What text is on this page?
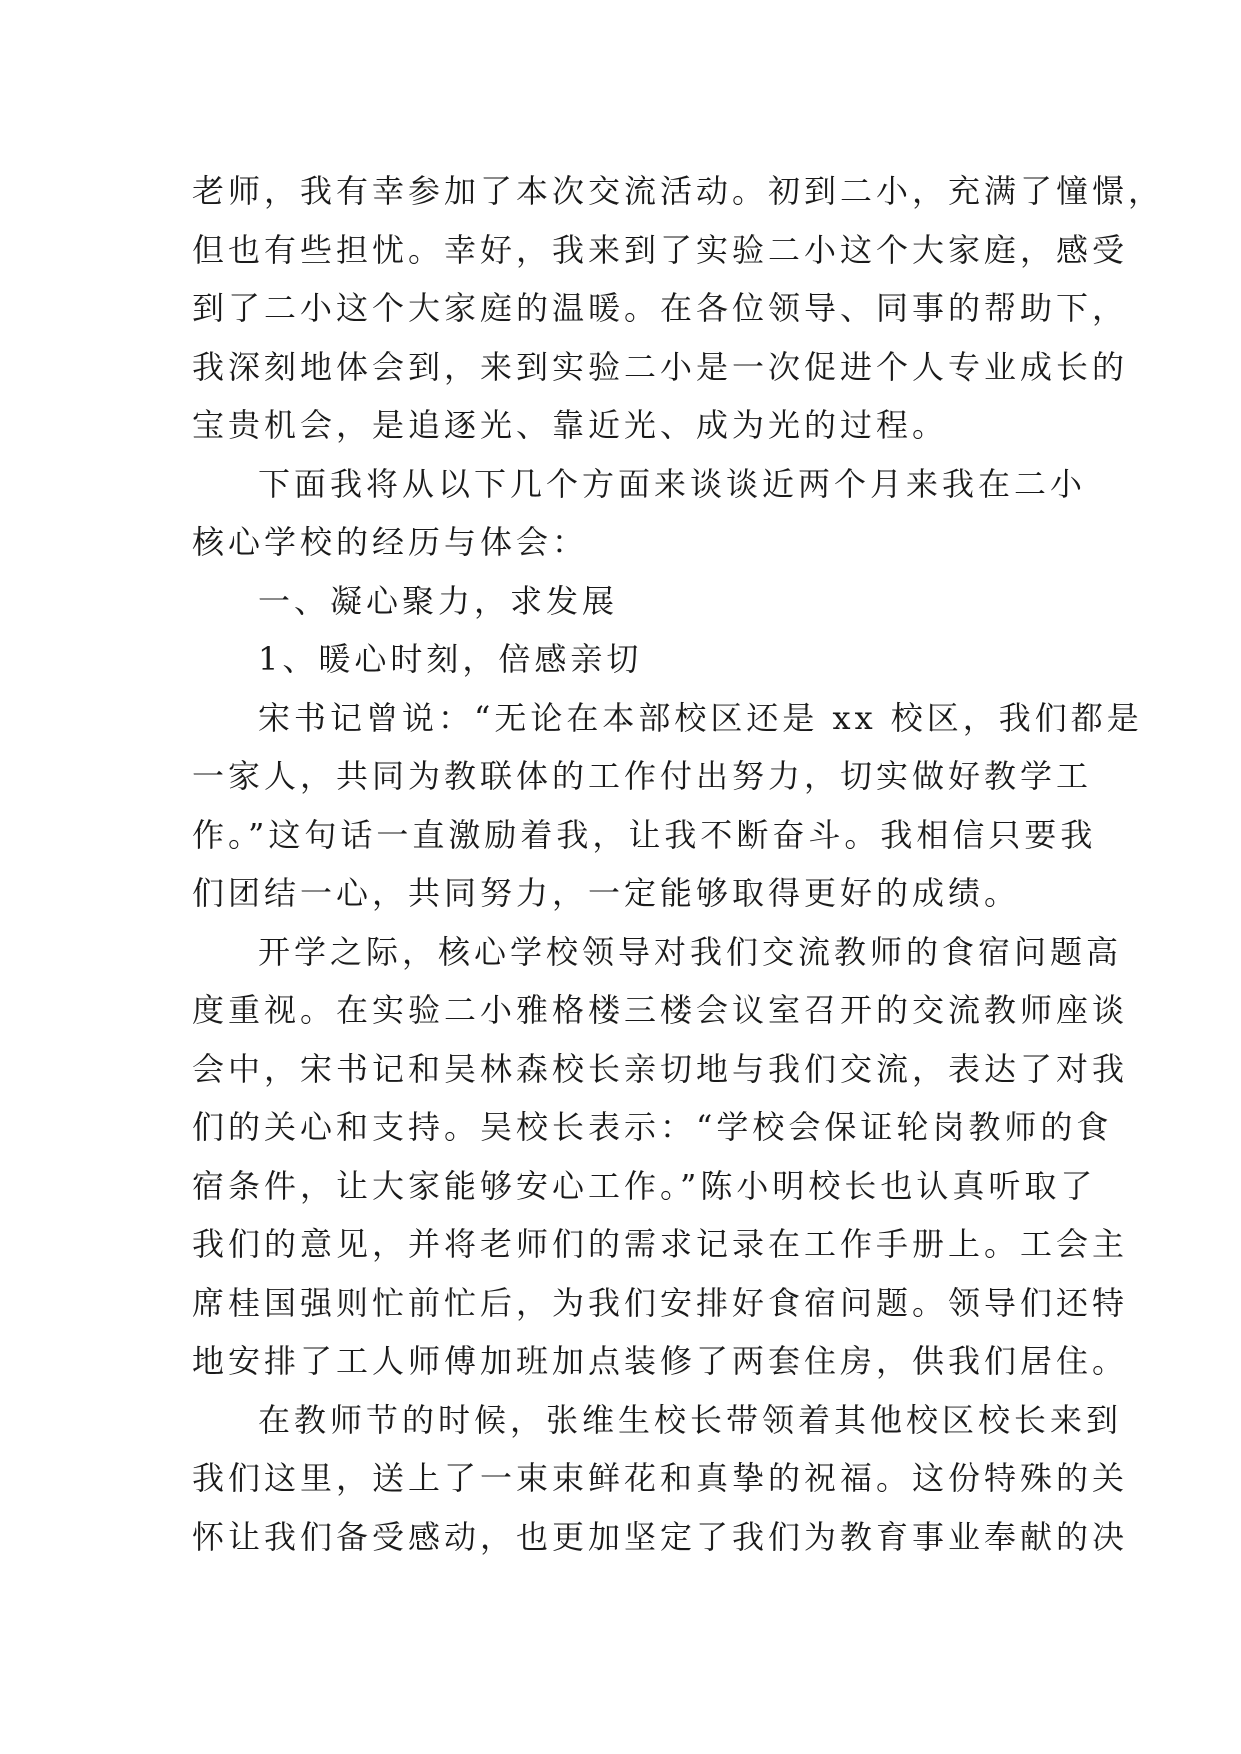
老师，我有幸参加了本次交流活动。初到二小，充满了憧憬，
但也有些担忧。幸好，我来到了实验二小这个大家庭，感受
到了二小这个大家庭的温暖。在各位领导、同事的帮助下，
我深刻地体会到，来到实验二小是一次促进个人专业成长的
宝贵机会，是追逐光、靠近光、成为光的过程。
下面我将从以下几个方面来谈谈近两个月来我在二小
核心学校的经历与体会：
一、凝心聚力，求发展
1、暖心时刻，倍感亲切
宋书记曾说：“无论在本部校区还是 xx 校区，我们都是
一家人，共同为教联体的工作付出努力，切实做好教学工
作。”这句话一直激励着我，让我不断奋斗。我相信只要我
们团结一心，共同努力，一定能够取得更好的成绩。
开学之际，核心学校领导对我们交流教师的食宿问题高
度重视。在实验二小雅格楼三楼会议室召开的交流教师座谈
会中，宋书记和吴林森校长亲切地与我们交流，表达了对我
们的关心和支持。吴校长表示：“学校会保证轮岗教师的食
宿条件，让大家能够安心工作。”陈小明校长也认真听取了
我们的意见，并将老师们的需求记录在工作手册上。工会主
席桂国强则忙前忙后，为我们安排好食宿问题。领导们还特
地安排了工人师傅加班加点装修了两套住房，供我们居住。
在教师节的时候，张维生校长带领着其他校区校长来到
我们这里，送上了一束束鲜花和真挚的祝福。这份特殊的关
怀让我们备受感动，也更加坚定了我们为教育事业奉献的决
